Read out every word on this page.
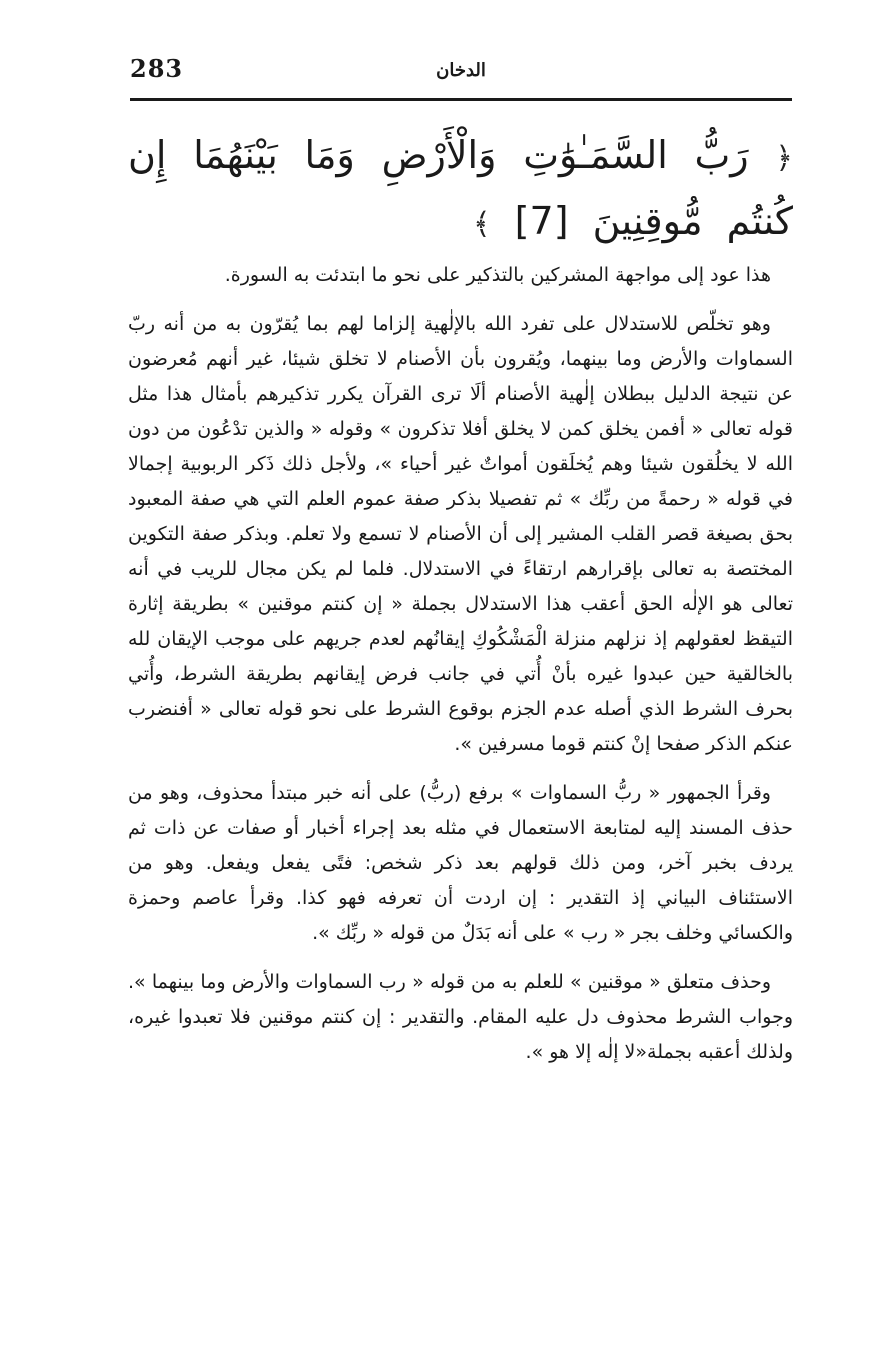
283	الدخان
﴿ رَبُّ السَّمَـٰوَٰتِ وَالْأَرْضِ وَمَا بَيْنَهُمَا إِن كُنتُم مُّوقِنِينَ [7] ﴾

هذا عود إلى مواجهة المشركين بالتذكير على نحو ما ابتدئت به السورة.

وهو تخلّص للاستدلال على تفرد الله بالإلٰهية إلزاما لهم بما يُقرّون به من أنه ربّ السماوات والأرض وما بينهما، ويُقرون بأن الأصنام لا تخلق شيئا، غير أنهم مُعرضون عن نتيجة الدليل ببطلان إلٰهية الأصنام ألَا ترى القرآن يكرر تذكيرهم بأمثال هذا مثل قوله تعالى « أفمن يخلق كمن لا يخلق أفلا تذكرون » وقوله « والذين تدْعُون من دون الله لا يخلُقون شيئا وهم يُخلَقون أمواتٌ غير أحياء »، ولأجل ذلك ذَكر الربوبية إجمالا في قوله « رحمةً من ربِّك » ثم تفصيلا بذكر صفة عموم العلم التي هي صفة المعبود بحق بصيغة قصر القلب المشير إلى أن الأصنام لا تسمع ولا تعلم. وبذكر صفة التكوين المختصة به تعالى بإقرارهم ارتقاءً في الاستدلال. فلما لم يكن مجال للريب في أنه تعالى هو الإلٰه الحق أعقب هذا الاستدلال بجملة « إن كنتم موقنين » بطريقة إثارة التيقظ لعقولهم إذ نزلهم منزلة الْمَشْكُوكِ إيقانُهم لعدم جريهم على موجب الإيقان لله بالخالقية حين عبدوا غيره بأنْ أُتي في جانب فرض إيقانهم بطريقة الشرط، وأُتي بحرف الشرط الذي أصله عدم الجزم بوقوع الشرط على نحو قوله تعالى « أفنضرب عنكم الذكر صفحا إنْ كنتم قوما مسرفين ».

وقرأ الجمهور « ربُّ السماوات » برفع (ربُّ) على أنه خبر مبتدأ محذوف، وهو من حذف المسند إليه لمتابعة الاستعمال في مثله بعد إجراء أخبار أو صفات عن ذات ثم يردف بخبر آخر، ومن ذلك قولهم بعد ذكر شخص: فتًى يفعل ويفعل. وهو من الاستئناف البياني إذ التقدير : إن اردت أن تعرفه فهو كذا. وقرأ عاصم وحمزة والكسائي وخلف بجر « رب » على أنه بَدَلٌ من قوله « ربِّك ».

وحذف متعلق « موقنين » للعلم به من قوله « رب السماوات والأرض وما بينهما ». وجواب الشرط محذوف دل عليه المقام. والتقدير : إن كنتم موقنين فلا تعبدوا غيره، ولذلك أعقبه بجملة«لا إلٰه إلا هو ».
